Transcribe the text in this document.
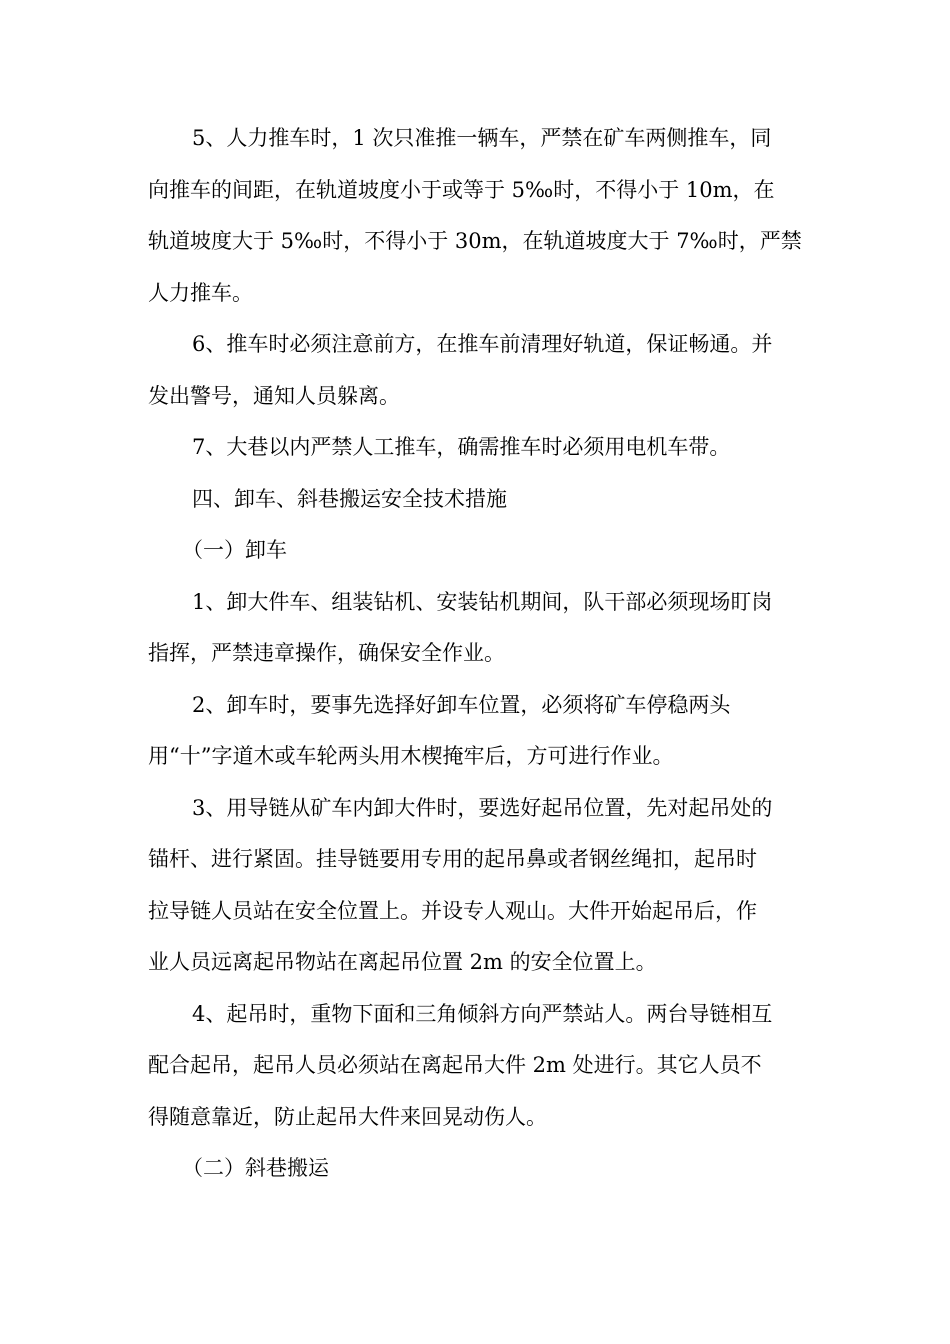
5、人力推车时，1 次只准推一辆车，严禁在矿车两侧推车，同

向推车的间距，在轨道坡度小于或等于 5‰时，不得小于 10m，在

轨道坡度大于 5‰时，不得小于 30m，在轨道坡度大于 7‰时，严禁

人力推车。

6、推车时必须注意前方，在推车前清理好轨道，保证畅通。并

发出警号，通知人员躲离。

7、大巷以内严禁人工推车，确需推车时必须用电机车带。

四、卸车、斜巷搬运安全技术措施

（一）卸车

1、卸大件车、组装钻机、安装钻机期间，队干部必须现场盯岗

指挥，严禁违章操作，确保安全作业。

2、卸车时，要事先选择好卸车位置，必须将矿车停稳两头

用“十”字道木或车轮两头用木楔掩牢后，方可进行作业。

3、用导链从矿车内卸大件时，要选好起吊位置，先对起吊处的

锚杆、进行紧固。挂导链要用专用的起吊鼻或者钢丝绳扣，起吊时

拉导链人员站在安全位置上。并设专人观山。大件开始起吊后，作

业人员远离起吊物站在离起吊位置 2m 的安全位置上。

4、起吊时，重物下面和三角倾斜方向严禁站人。两台导链相互

配合起吊，起吊人员必须站在离起吊大件 2m 处进行。其它人员不

得随意靠近，防止起吊大件来回晃动伤人。

（二）斜巷搬运
